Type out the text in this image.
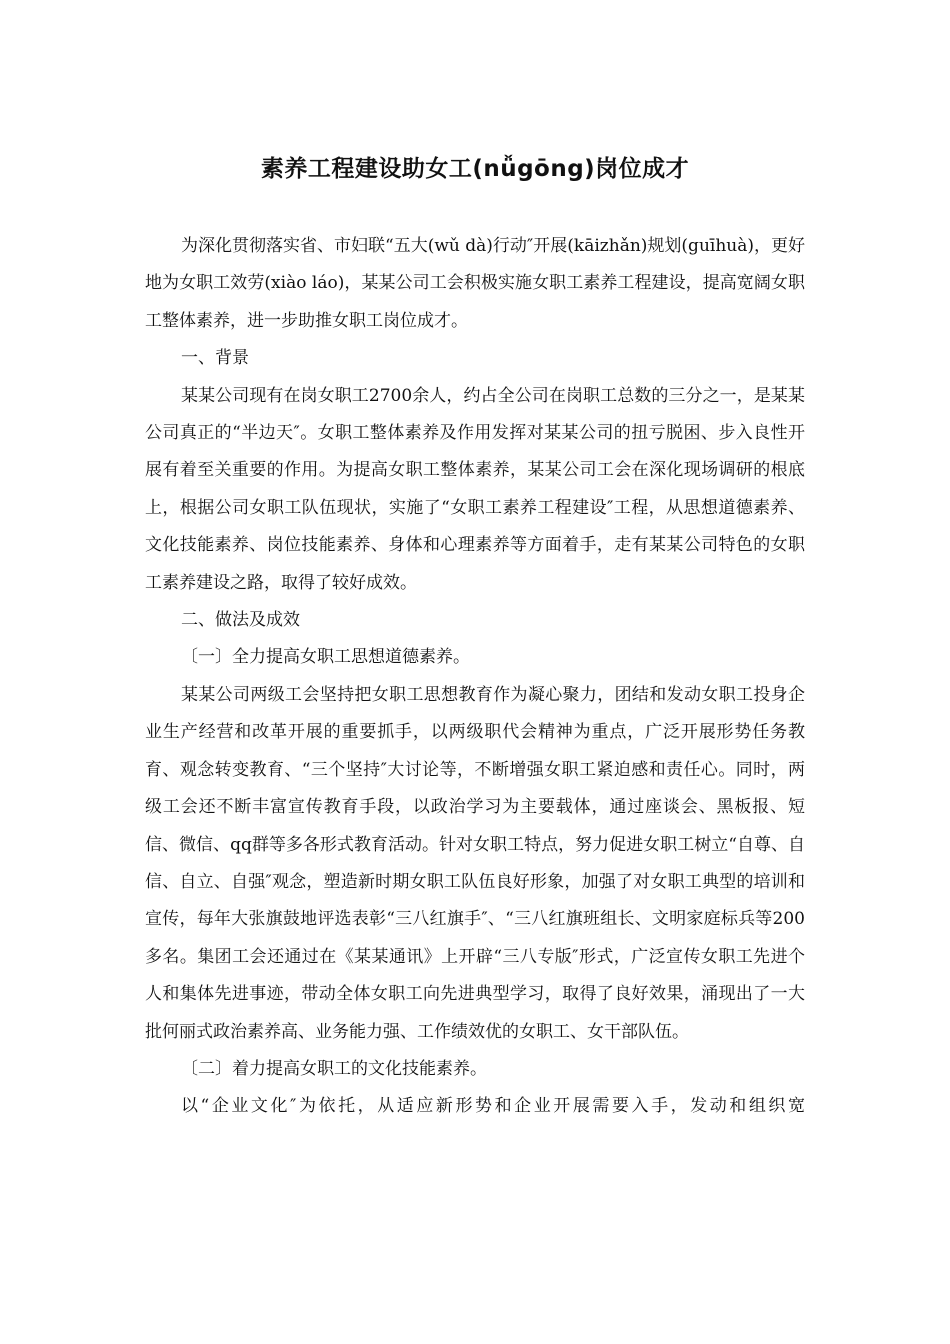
素养工程建设助女工(nǚgōng)岗位成才

为深化贯彻落实省、市妇联“五大(wǔ dà)行动″开展(kāizhǎn)规划(guīhuà)，更好地为女职工效劳(xiào láo)，某某公司工会积极实施女职工素养工程建设，提高宽阔女职工整体素养，进一步助推女职工岗位成才。

一、背景

某某公司现有在岗女职工2700余人，约占全公司在岗职工总数的三分之一，是某某公司真正的“半边天″。女职工整体素养及作用发挥对某某公司的扭亏脱困、步入良性开展有着至关重要的作用。为提高女职工整体素养，某某公司工会在深化现场调研的根底上，根据公司女职工队伍现状，实施了“女职工素养工程建设″工程，从思想道德素养、文化技能素养、岗位技能素养、身体和心理素养等方面着手，走有某某公司特色的女职工素养建设之路，取得了较好成效。

二、做法及成效

〔一〕全力提高女职工思想道德素养。

某某公司两级工会坚持把女职工思想教育作为凝心聚力，团结和发动女职工投身企业生产经营和改革开展的重要抓手，以两级职代会精神为重点，广泛开展形势任务教育、观念转变教育、“三个坚持″大讨论等，不断增强女职工紧迫感和责任心。同时，两级工会还不断丰富宣传教育手段，以政治学习为主要载体，通过座谈会、黑板报、短信、微信、qq群等多各形式教育活动。针对女职工特点，努力促进女职工树立“自尊、自信、自立、自强″观念，塑造新时期女职工队伍良好形象，加强了对女职工典型的培训和宣传，每年大张旗鼓地评选表彰“三八红旗手″、“三八红旗班组长、文明家庭标兵等200多名。集团工会还通过在《某某通讯》上开辟“三八专版″形式，广泛宣传女职工先进个人和集体先进事迹，带动全体女职工向先进典型学习，取得了良好效果，涌现出了一大批何丽式政治素养高、业务能力强、工作绩效优的女职工、女干部队伍。

〔二〕着力提高女职工的文化技能素养。

以“企业文化″为依托，从适应新形势和企业开展需要入手，发动和组织宽
